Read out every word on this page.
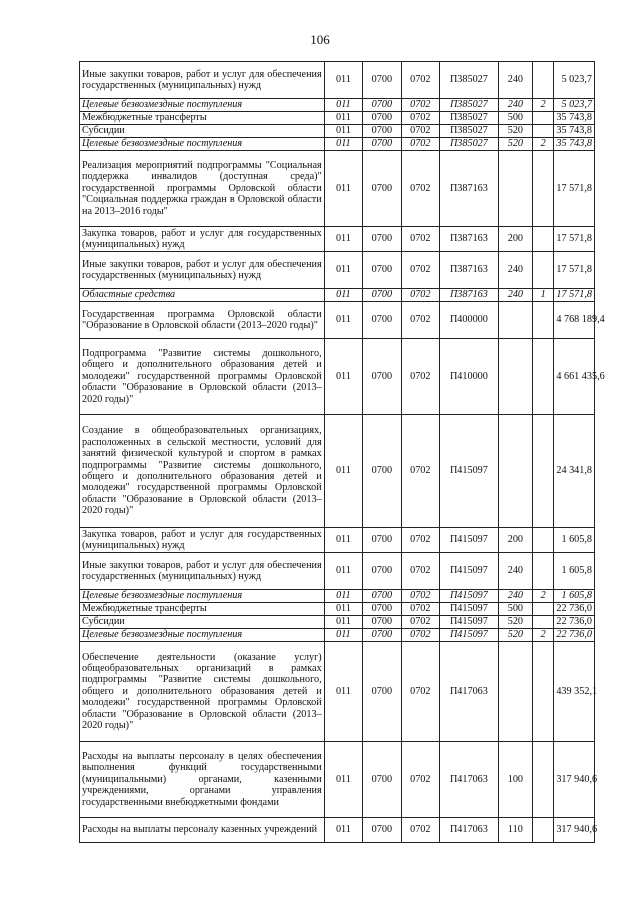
106
Иные закупки товаров, работ и услуг для обеспечения государственных (муниципальных) нужд	011	0700	0702	П385027	240		5 023,7
Целевые безвозмездные поступления	011	0700	0702	П385027	240	2	5 023,7
Межбюджетные трансферты	011	0700	0702	П385027	500		35 743,8
Субсидии	011	0700	0702	П385027	520		35 743,8
Целевые безвозмездные поступления	011	0700	0702	П385027	520	2	35 743,8
Реализация мероприятий подпрограммы "Социальная поддержка инвалидов (доступная среда)" государственной программы Орловской области "Социальная поддержка граждан в Орловской области на 2013–2016 годы"	011	0700	0702	П387163			17 571,8
Закупка товаров, работ и услуг для государственных (муниципальных) нужд	011	0700	0702	П387163	200		17 571,8
Иные закупки товаров, работ и услуг для обеспечения государственных (муниципальных) нужд	011	0700	0702	П387163	240		17 571,8
Областные средства	011	0700	0702	П387163	240	1	17 571,8
Государственная программа Орловской области "Образование в Орловской области (2013–2020 годы)"	011	0700	0702	П400000			4 768 189,4
Подпрограмма "Развитие системы дошкольного, общего и дополнительного образования детей и молодежи" государственной программы Орловской области "Образование в Орловской области (2013–2020 годы)"	011	0700	0702	П410000			4 661 435,6
Создание в общеобразовательных организациях, расположенных в сельской местности, условий для занятий физической культурой и спортом в рамках подпрограммы "Развитие системы дошкольного, общего и дополнительного образования детей и молодежи" государственной программы Орловской области "Образование в Орловской области (2013–2020 годы)"	011	0700	0702	П415097			24 341,8
Закупка товаров, работ и услуг для государственных (муниципальных) нужд	011	0700	0702	П415097	200		1 605,8
Иные закупки товаров, работ и услуг для обеспечения государственных (муниципальных) нужд	011	0700	0702	П415097	240		1 605,8
Целевые безвозмездные поступления	011	0700	0702	П415097	240	2	1 605,8
Межбюджетные трансферты	011	0700	0702	П415097	500		22 736,0
Субсидии	011	0700	0702	П415097	520		22 736,0
Целевые безвозмездные поступления	011	0700	0702	П415097	520	2	22 736,0
Обеспечение деятельности (оказание услуг) общеобразовательных организаций в рамках подпрограммы "Развитие системы дошкольного, общего и дополнительного образования детей и молодежи" государственной программы Орловской области "Образование в Орловской области (2013–2020 годы)"	011	0700	0702	П417063			439 352,1
Расходы на выплаты персоналу в целях обеспечения выполнения функций государственными (муниципальными) органами, казенными учреждениями, органами управления государственными внебюджетными фондами	011	0700	0702	П417063	100		317 940,6
Расходы на выплаты персоналу казенных учреждений	011	0700	0702	П417063	110		317 940,6
